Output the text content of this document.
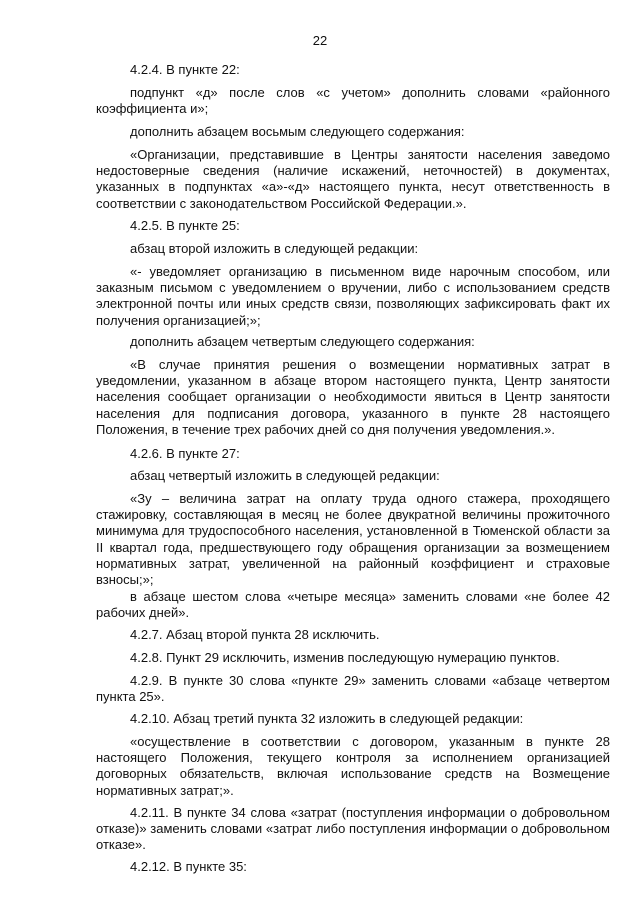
22

4.2.4. В пункте 22:

подпункт «д» после слов «с учетом» дополнить словами «районного коэффициента и»;

дополнить абзацем восьмым следующего содержания:

«Организации, представившие в Центры занятости населения заведомо недостоверные сведения (наличие искажений, неточностей) в документах, указанных в подпунктах «а»-«д» настоящего пункта, несут ответственность в соответствии с законодательством Российской Федерации.».

4.2.5. В пункте 25:

абзац второй изложить в следующей редакции:

«- уведомляет организацию в письменном виде нарочным способом, или заказным письмом с уведомлением о вручении, либо с использованием средств электронной почты или иных средств связи, позволяющих зафиксировать факт их получения организацией;»;

дополнить абзацем четвертым следующего содержания:

«В случае принятия решения о возмещении нормативных затрат в уведомлении, указанном в абзаце втором настоящего пункта, Центр занятости населения сообщает организации о необходимости явиться в Центр занятости населения для подписания договора, указанного в пункте 28 настоящего Положения, в течение трех рабочих дней со дня получения уведомления.».

4.2.6. В пункте 27:

абзац четвертый изложить в следующей редакции:

«Зу – величина затрат на оплату труда одного стажера, проходящего стажировку, составляющая в месяц не более двукратной величины прожиточного минимума для трудоспособного населения, установленной в Тюменской области за II квартал года, предшествующего году обращения организации за возмещением нормативных затрат, увеличенной на районный коэффициент и страховые взносы;»;

в абзаце шестом слова «четыре месяца» заменить словами «не более 42 рабочих дней».

4.2.7. Абзац второй пункта 28 исключить.

4.2.8. Пункт 29 исключить, изменив последующую нумерацию пунктов.

4.2.9. В пункте 30 слова «пункте 29» заменить словами «абзаце четвертом пункта 25».

4.2.10. Абзац третий пункта 32 изложить в следующей редакции:

«осуществление в соответствии с договором, указанным в пункте 28 настоящего Положения, текущего контроля за исполнением организацией договорных обязательств, включая использование средств на Возмещение нормативных затрат;».

4.2.11. В пункте 34 слова «затрат (поступления информации о добровольном отказе)» заменить словами «затрат либо поступления информации о добровольном отказе».

4.2.12. В пункте 35:
